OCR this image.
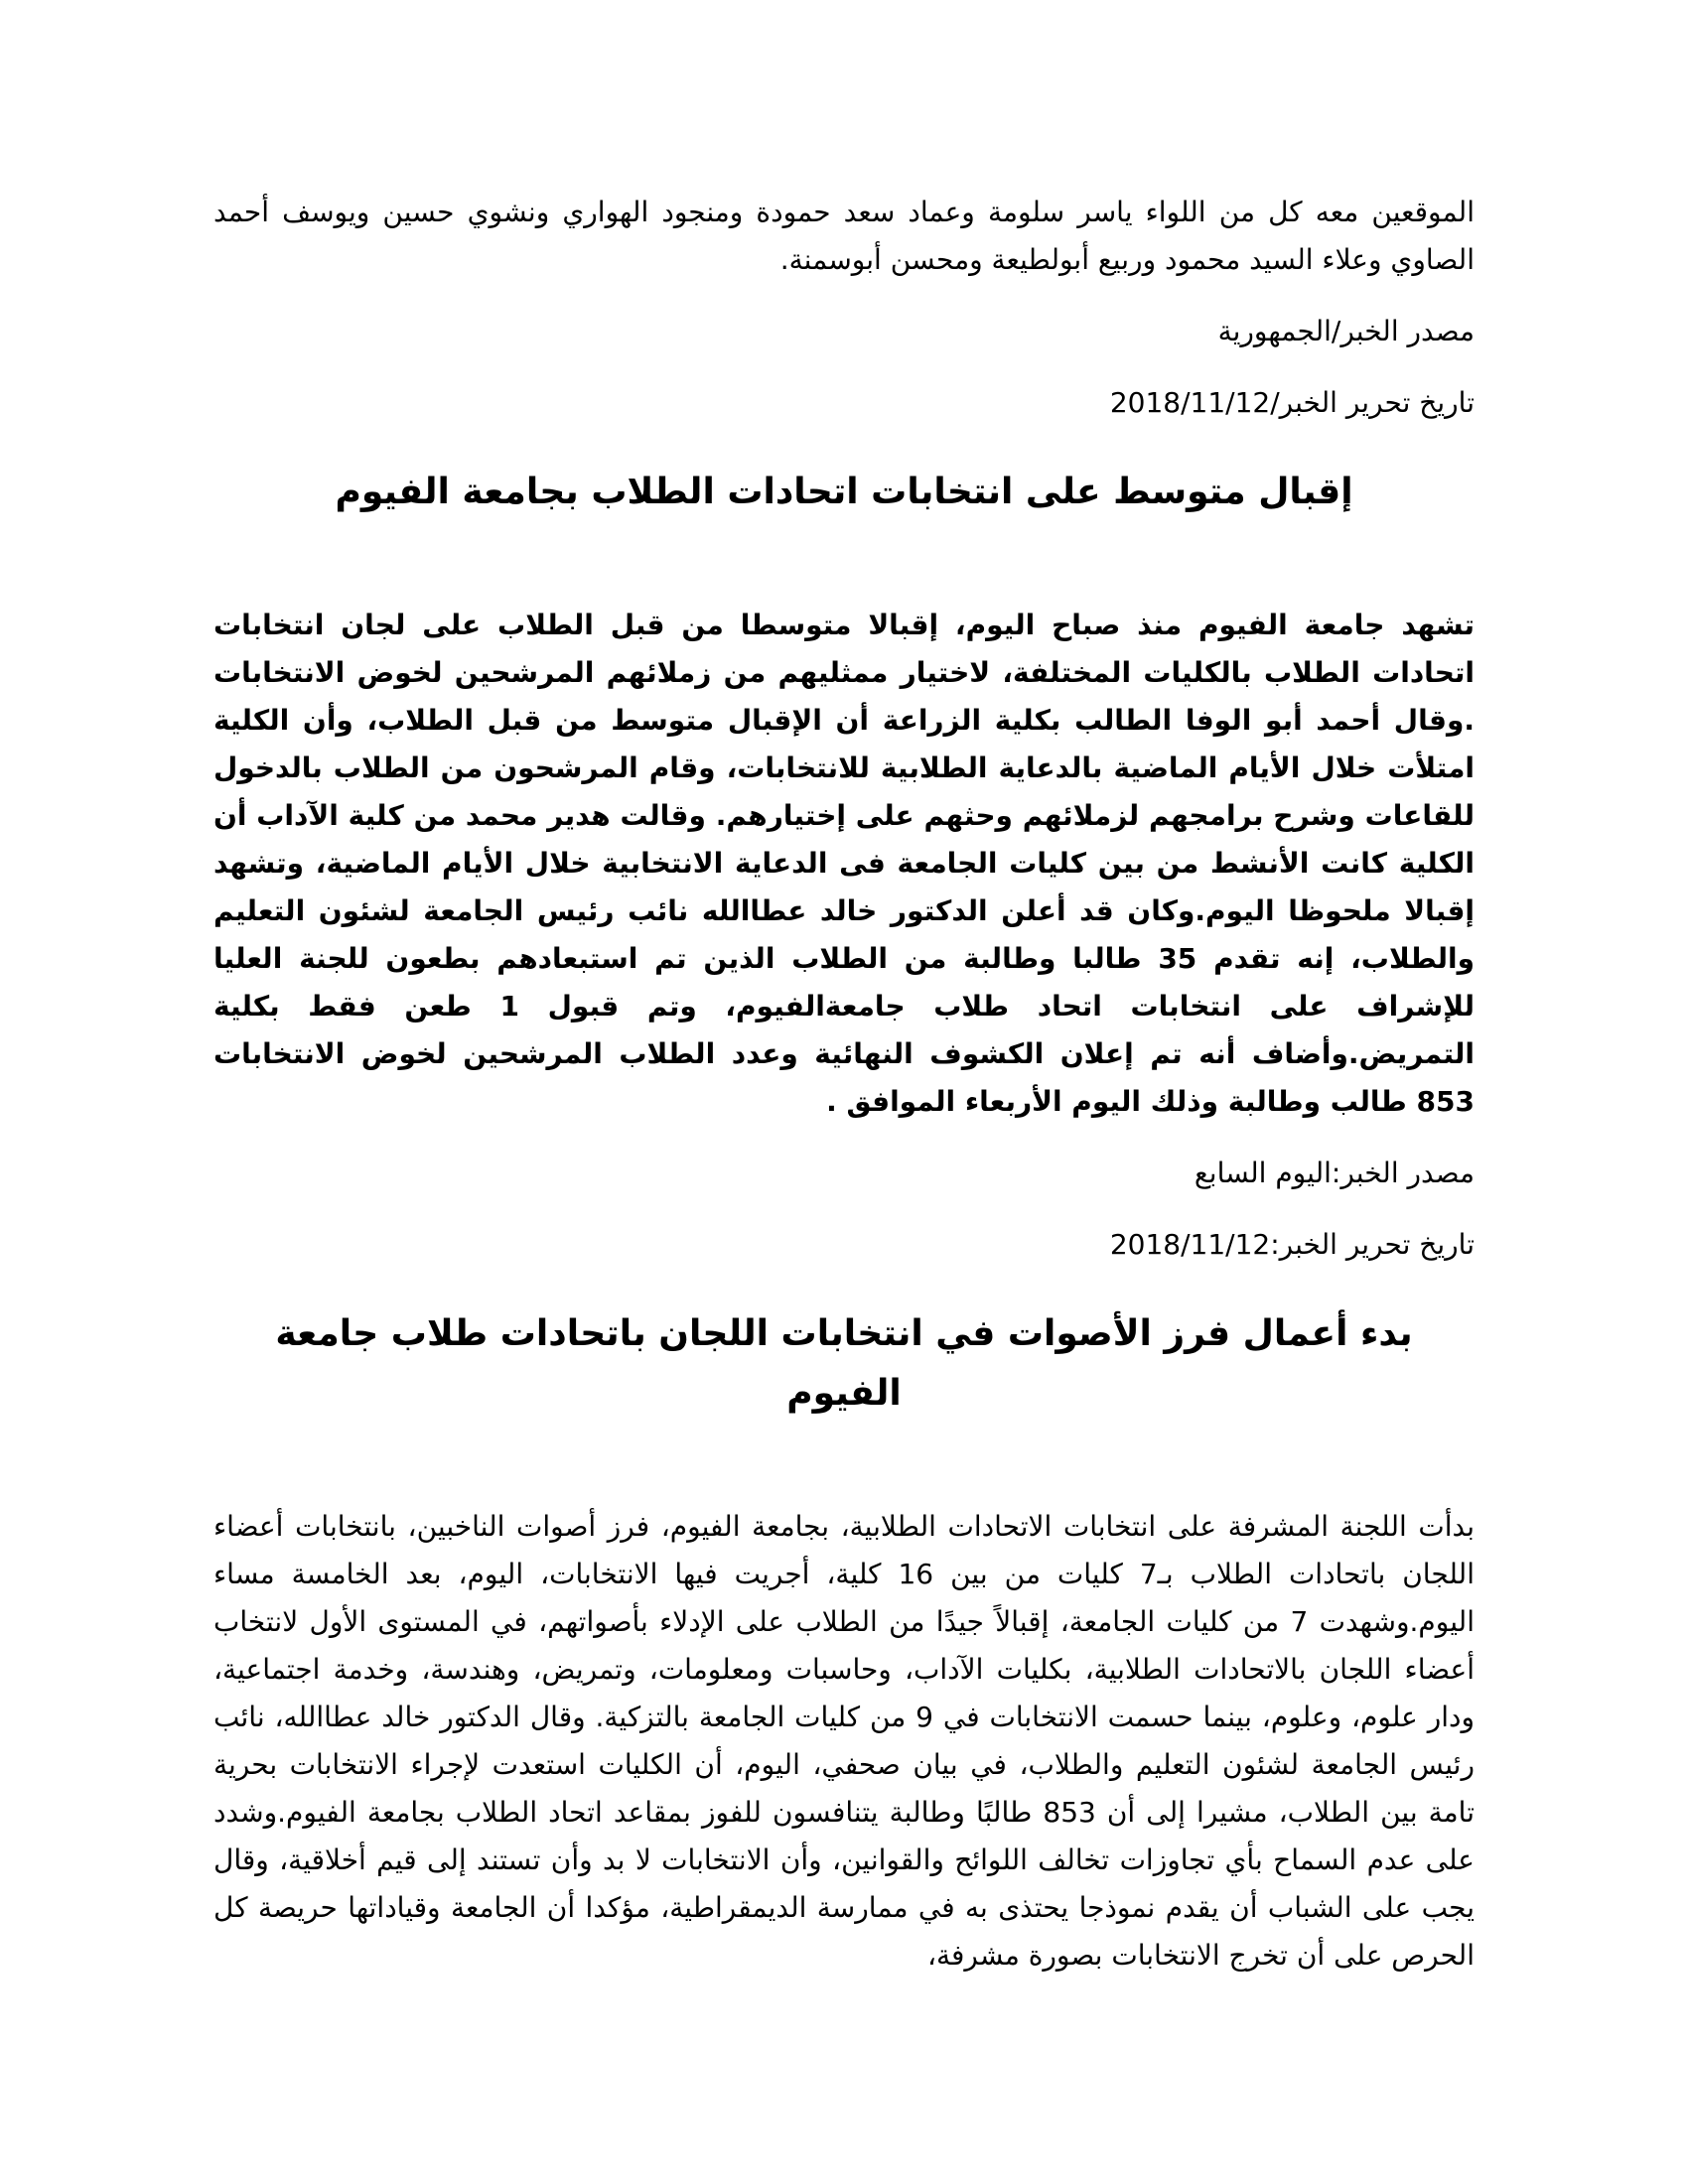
الموقعين معه كل من اللواء ياسر سلومة وعماد سعد حمودة ومنجود الهواري ونشوي حسين ويوسف أحمد الصاوي وعلاء السيد محمود وربيع أبولطيعة ومحسن أبوسمنة.

مصدر الخبر/الجمهورية

تاريخ تحرير الخبر/2018/11/12

إقبال متوسط على انتخابات اتحادات الطلاب بجامعة الفيوم

تشهد جامعة الفيوم منذ صباح اليوم، إقبالا متوسطا من قبل الطلاب على لجان انتخابات اتحادات الطلاب بالكليات المختلفة، لاختيار ممثليهم من زملائهم المرشحين لخوض الانتخابات .وقال أحمد أبو الوفا الطالب بكلية الزراعة أن الإقبال متوسط من قبل الطلاب، وأن الكلية امتلأت خلال الأيام الماضية بالدعاية الطلابية للانتخابات، وقام المرشحون من الطلاب بالدخول للقاعات وشرح برامجهم لزملائهم وحثهم على إختيارهم. وقالت هدير محمد من كلية الآداب أن الكلية كانت الأنشط من بين كليات الجامعة فى الدعاية الانتخابية خلال الأيام الماضية، وتشهد إقبالا ملحوظا اليوم.وكان قد أعلن الدكتور خالد عطاالله نائب رئيس الجامعة لشئون التعليم والطلاب، إنه تقدم 35 طالبا وطالبة من الطلاب الذين تم استبعادهم بطعون للجنة العليا للإشراف على انتخابات اتحاد طلاب جامعةالفيوم، وتم قبول 1 طعن فقط بكلية التمريض.وأضاف أنه تم إعلان الكشوف النهائية وعدد الطلاب المرشحين لخوض الانتخابات 853 طالب وطالبة وذلك اليوم الأربعاء الموافق .

مصدر الخبر:اليوم السابع

تاريخ تحرير الخبر:2018/11/12

بدء أعمال فرز الأصوات في انتخابات اللجان باتحادات طلاب جامعة الفيوم

بدأت اللجنة المشرفة على انتخابات الاتحادات الطلابية، بجامعة الفيوم، فرز أصوات الناخبين، بانتخابات أعضاء اللجان باتحادات الطلاب بـ7 كليات من بين 16 كلية، أجريت فيها الانتخابات، اليوم، بعد الخامسة مساء اليوم.وشهدت 7 من كليات الجامعة، إقبالاً جيدًا من الطلاب على الإدلاء بأصواتهم، في المستوى الأول لانتخاب أعضاء اللجان بالاتحادات الطلابية، بكليات الآداب، وحاسبات ومعلومات، وتمريض، وهندسة، وخدمة اجتماعية، ودار علوم، وعلوم، بينما حسمت الانتخابات في 9 من كليات الجامعة بالتزكية. وقال الدكتور خالد عطاالله، نائب رئيس الجامعة لشئون التعليم والطلاب، في بيان صحفي، اليوم، أن الكليات استعدت لإجراء الانتخابات بحرية تامة بين الطلاب، مشيرا إلى أن 853 طالبًا وطالبة يتنافسون للفوز بمقاعد اتحاد الطلاب بجامعة الفيوم.وشدد على عدم السماح بأي تجاوزات تخالف اللوائح والقوانين، وأن الانتخابات لا بد وأن تستند إلى قيم أخلاقية، وقال يجب على الشباب أن يقدم نموذجا يحتذى به في ممارسة الديمقراطية، مؤكدا أن الجامعة وقياداتها حريصة كل الحرص على أن تخرج الانتخابات بصورة مشرفة،
